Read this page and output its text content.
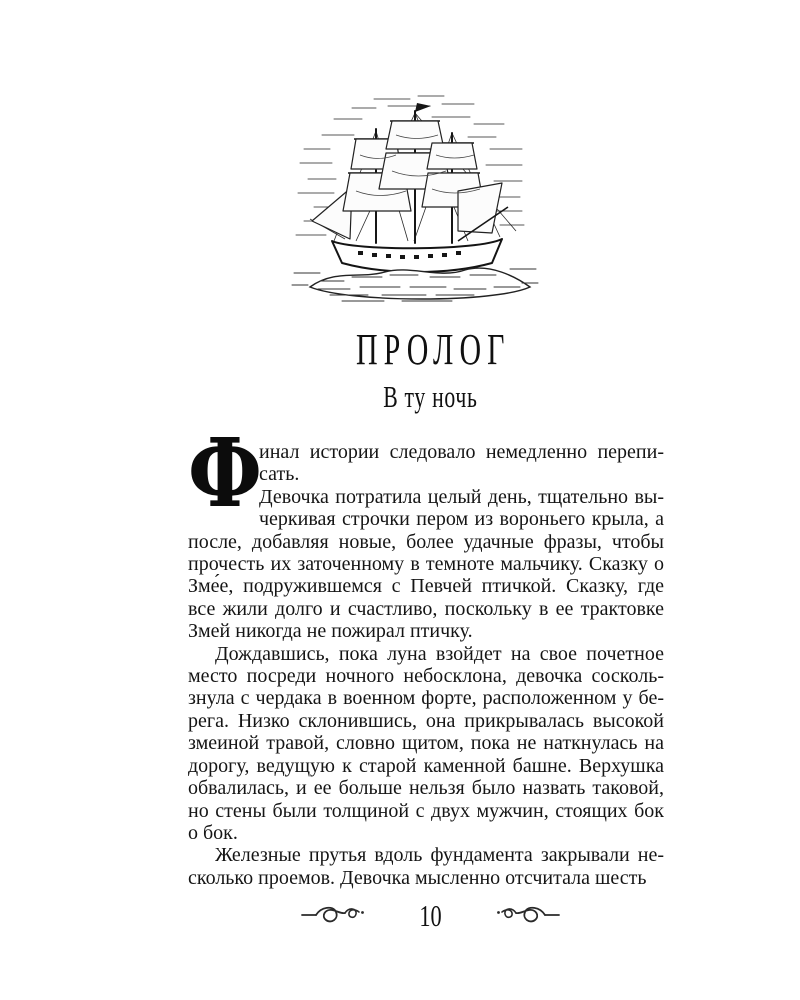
ПРОЛОГ
В ту ночь

Ф
инал истории следовало немедленно переписать.

Девочка потратила целый день, тщательно вычеркивая строчки пером из вороньего крыла, а после, добавляя новые, более удачные фразы, чтобы прочесть их заточенному в темноте мальчику. Сказку о Зме́е, подружившемся с Певчей птичкой. Сказку, где все жили долго и счастливо, поскольку в ее трактовке Змей никогда не пожирал птичку.

Дождавшись, пока луна взойдет на свое почетное место посреди ночного небосклона, девочка соскользнула с чердака в военном форте, расположенном у берега. Низко склонившись, она прикрывалась высокой змеиной травой, словно щитом, пока не наткнулась на дорогу, ведущую к старой каменной башне. Верхушка обвалилась, и ее больше нельзя было назвать таковой, но стены были толщиной с двух мужчин, стоящих бок о бок.

Железные прутья вдоль фундамента закрывали несколько проемов. Девочка мысленно отсчитала шесть

10
